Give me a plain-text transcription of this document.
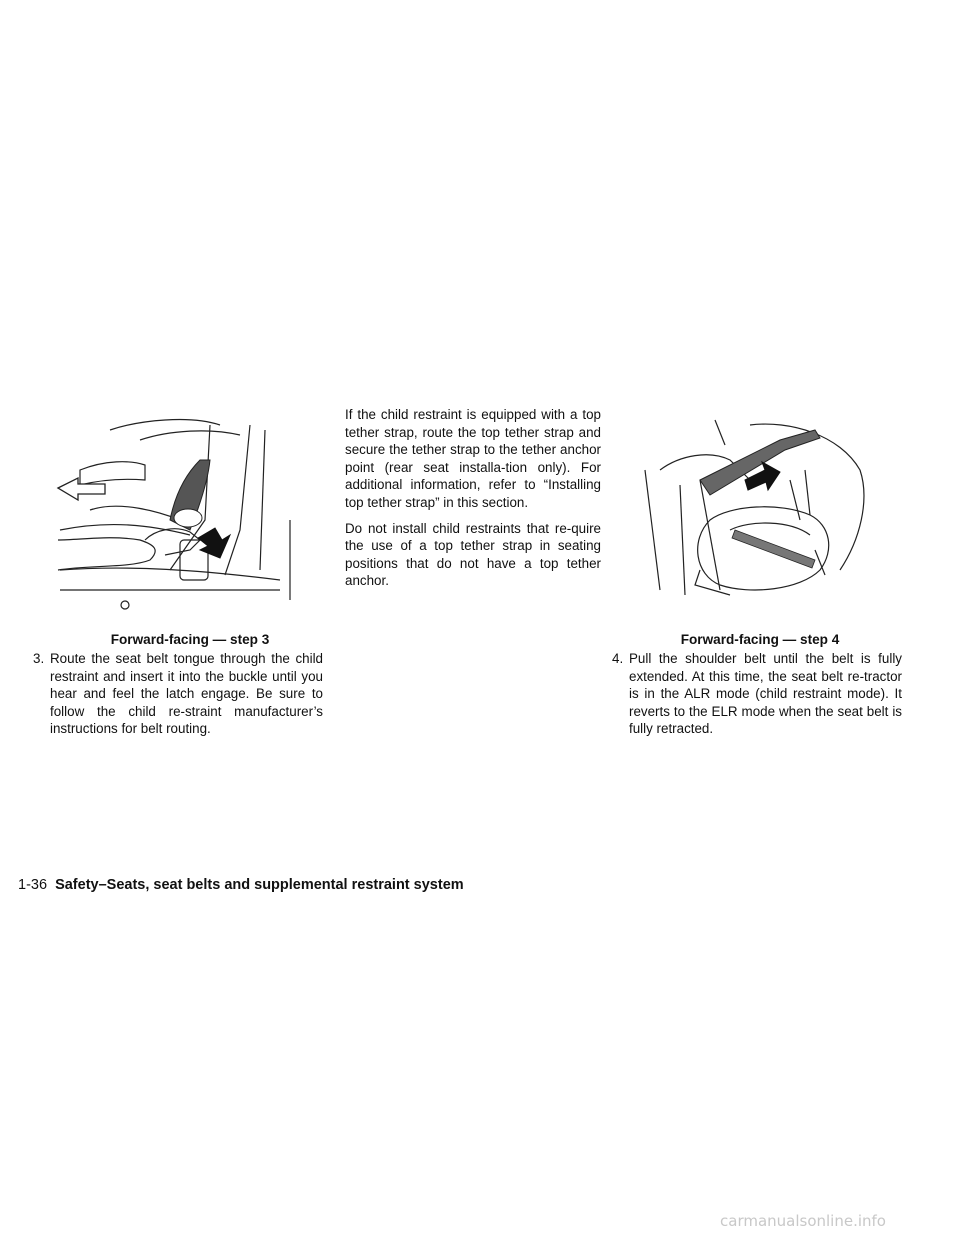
Forward-facing — step 3
3. Route the seat belt tongue through the child restraint and insert it into the buckle until you hear and feel the latch engage. Be sure to follow the child re-straint manufacturer’s instructions for belt routing.

If the child restraint is equipped with a top tether strap, route the top tether strap and secure the tether strap to the tether anchor point (rear seat installa-tion only). For additional information, refer to “Installing top tether strap” in this section.

Do not install child restraints that re-quire the use of a top tether strap in seating positions that do not have a top tether anchor.

Forward-facing — step 4
4. Pull the shoulder belt until the belt is fully extended. At this time, the seat belt re-tractor is in the ALR mode (child restraint mode). It reverts to the ELR mode when the seat belt is fully retracted.
1-36 Safety–Seats, seat belts and supplemental restraint system
carmanualsonline.info
